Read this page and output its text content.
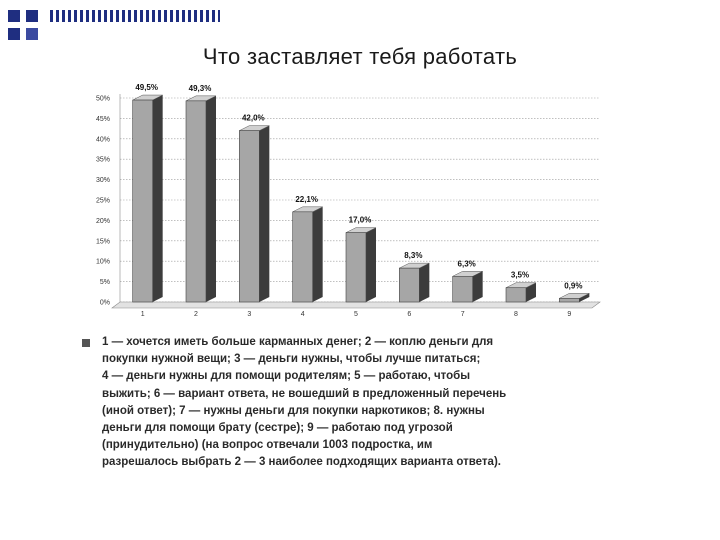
Что заставляет тебя работать
0%
5%
10%
15%
20%
25%
30%
35%
40%
45%
50%
1	2	3	4	5	6	7	8	9
49,5%	49,3%
42,0%
22,1%
17,0%
8,3%
6,3%
3,5%
0,9%
1 — хочется иметь больше карманных денег; 2 — коплю деньги для
покупки нужной вещи; 3 — деньги нужны, чтобы лучше питаться;
4 — деньги нужны для помощи родителям; 5 — работаю, чтобы
выжить; 6 — вариант ответа, не вошедший в предложенный перечень
(иной ответ); 7 — нужны деньги для покупки наркотиков; 8. нужны
деньги для помощи брату (сестре); 9 — работаю под угрозой
(принудительно) (на вопрос отвечали 1003 подростка, им
разрешалось выбрать 2 — 3 наиболее подходящих варианта ответа).
